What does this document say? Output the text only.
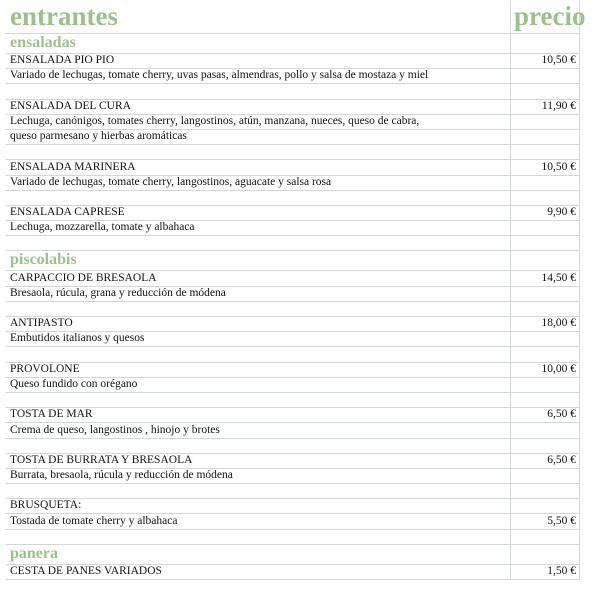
entrantes	precio
ensaladas
ENSALADA PIO PIO	10,50 €
Variado de lechugas, tomate cherry, uvas pasas, almendras, pollo y salsa de mostaza y miel
ENSALADA DEL CURA	11,90 €
Lechuga, canónigos, tomates cherry, langostinos, atún, manzana, nueces, queso de cabra,
queso parmesano y hierbas aromáticas
ENSALADA MARINERA	10,50 €
Variado de lechugas, tomate cherry, langostinos, aguacate y salsa rosa
ENSALADA CAPRESE	9,90 €
Lechuga, mozzarella, tomate y albahaca
piscolabis
CARPACCIO DE BRESAOLA	14,50 €
Bresaola, rúcula, grana y reducción de módena
ANTIPASTO	18,00 €
Embutidos italianos y quesos
PROVOLONE	10,00 €
Queso fundido con orégano
TOSTA DE MAR	6,50 €
Crema de queso, langostinos , hinojo y brotes
TOSTA DE BURRATA Y BRESAOLA	6,50 €
Burrata, bresaola, rúcula y reducción de módena
BRUSQUETA:
Tostada de tomate cherry y albahaca	5,50 €
panera
CESTA DE PANES VARIADOS	1,50 €
